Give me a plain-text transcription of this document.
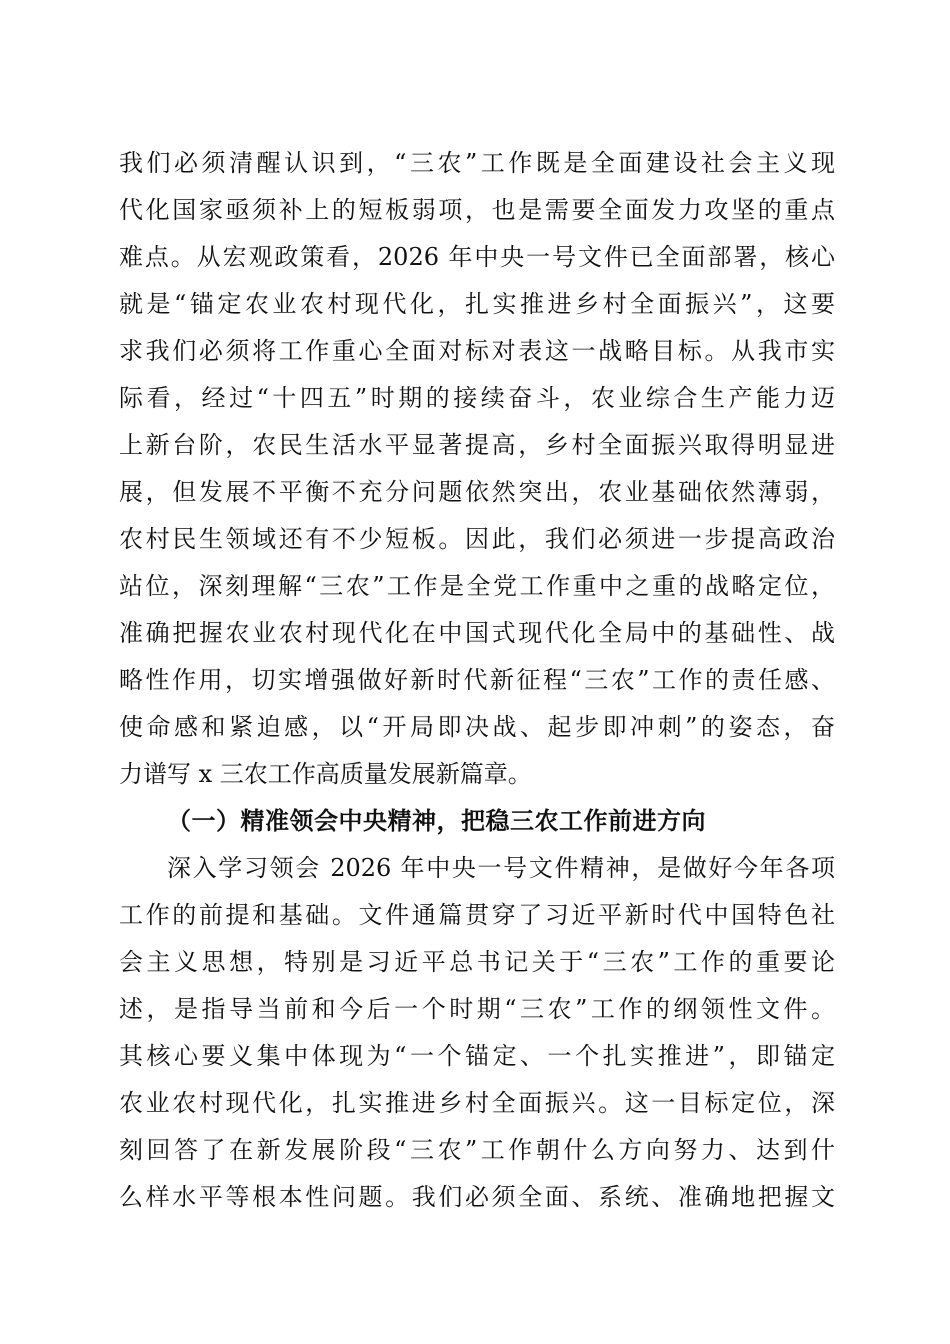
我们必须清醒认识到，“三农”工作既是全面建设社会主义现
代化国家亟须补上的短板弱项，也是需要全面发力攻坚的重点
难点。从宏观政策看，2026 年中央一号文件已全面部署，核心
就是“锚定农业农村现代化，扎实推进乡村全面振兴”，这要
求我们必须将工作重心全面对标对表这一战略目标。从我市实
际看，经过“十四五”时期的接续奋斗，农业综合生产能力迈
上新台阶，农民生活水平显著提高，乡村全面振兴取得明显进
展，但发展不平衡不充分问题依然突出，农业基础依然薄弱，
农村民生领域还有不少短板。因此，我们必须进一步提高政治
站位，深刻理解“三农”工作是全党工作重中之重的战略定位，
准确把握农业农村现代化在中国式现代化全局中的基础性、战
略性作用，切实增强做好新时代新征程“三农”工作的责任感、
使命感和紧迫感，以“开局即决战、起步即冲刺”的姿态，奋
力谱写 x 三农工作高质量发展新篇章。
（一）精准领会中央精神，把稳三农工作前进方向
深入学习领会 2026 年中央一号文件精神，是做好今年各项
工作的前提和基础。文件通篇贯穿了习近平新时代中国特色社
会主义思想，特别是习近平总书记关于“三农”工作的重要论
述，是指导当前和今后一个时期“三农”工作的纲领性文件。
其核心要义集中体现为“一个锚定、一个扎实推进”，即锚定
农业农村现代化，扎实推进乡村全面振兴。这一目标定位，深
刻回答了在新发展阶段“三农”工作朝什么方向努力、达到什
么样水平等根本性问题。我们必须全面、系统、准确地把握文
